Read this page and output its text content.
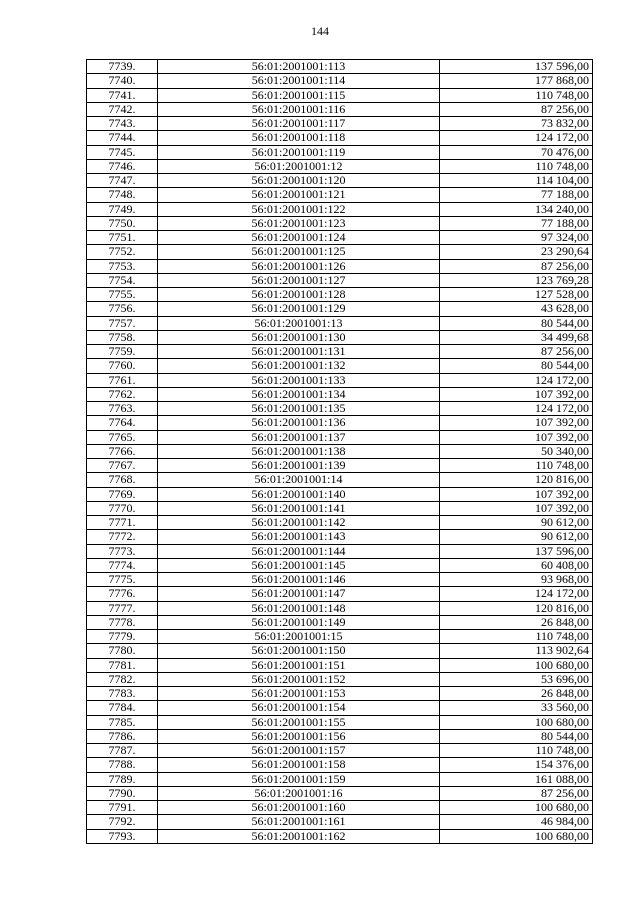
144
7739.	56:01:2001001:113	137 596,00
7740.	56:01:2001001:114	177 868,00
7741.	56:01:2001001:115	110 748,00
7742.	56:01:2001001:116	87 256,00
7743.	56:01:2001001:117	73 832,00
7744.	56:01:2001001:118	124 172,00
7745.	56:01:2001001:119	70 476,00
7746.	56:01:2001001:12	110 748,00
7747.	56:01:2001001:120	114 104,00
7748.	56:01:2001001:121	77 188,00
7749.	56:01:2001001:122	134 240,00
7750.	56:01:2001001:123	77 188,00
7751.	56:01:2001001:124	97 324,00
7752.	56:01:2001001:125	23 290,64
7753.	56:01:2001001:126	87 256,00
7754.	56:01:2001001:127	123 769,28
7755.	56:01:2001001:128	127 528,00
7756.	56:01:2001001:129	43 628,00
7757.	56:01:2001001:13	80 544,00
7758.	56:01:2001001:130	34 499,68
7759.	56:01:2001001:131	87 256,00
7760.	56:01:2001001:132	80 544,00
7761.	56:01:2001001:133	124 172,00
7762.	56:01:2001001:134	107 392,00
7763.	56:01:2001001:135	124 172,00
7764.	56:01:2001001:136	107 392,00
7765.	56:01:2001001:137	107 392,00
7766.	56:01:2001001:138	50 340,00
7767.	56:01:2001001:139	110 748,00
7768.	56:01:2001001:14	120 816,00
7769.	56:01:2001001:140	107 392,00
7770.	56:01:2001001:141	107 392,00
7771.	56:01:2001001:142	90 612,00
7772.	56:01:2001001:143	90 612,00
7773.	56:01:2001001:144	137 596,00
7774.	56:01:2001001:145	60 408,00
7775.	56:01:2001001:146	93 968,00
7776.	56:01:2001001:147	124 172,00
7777.	56:01:2001001:148	120 816,00
7778.	56:01:2001001:149	26 848,00
7779.	56:01:2001001:15	110 748,00
7780.	56:01:2001001:150	113 902,64
7781.	56:01:2001001:151	100 680,00
7782.	56:01:2001001:152	53 696,00
7783.	56:01:2001001:153	26 848,00
7784.	56:01:2001001:154	33 560,00
7785.	56:01:2001001:155	100 680,00
7786.	56:01:2001001:156	80 544,00
7787.	56:01:2001001:157	110 748,00
7788.	56:01:2001001:158	154 376,00
7789.	56:01:2001001:159	161 088,00
7790.	56:01:2001001:16	87 256,00
7791.	56:01:2001001:160	100 680,00
7792.	56:01:2001001:161	46 984,00
7793.	56:01:2001001:162	100 680,00
